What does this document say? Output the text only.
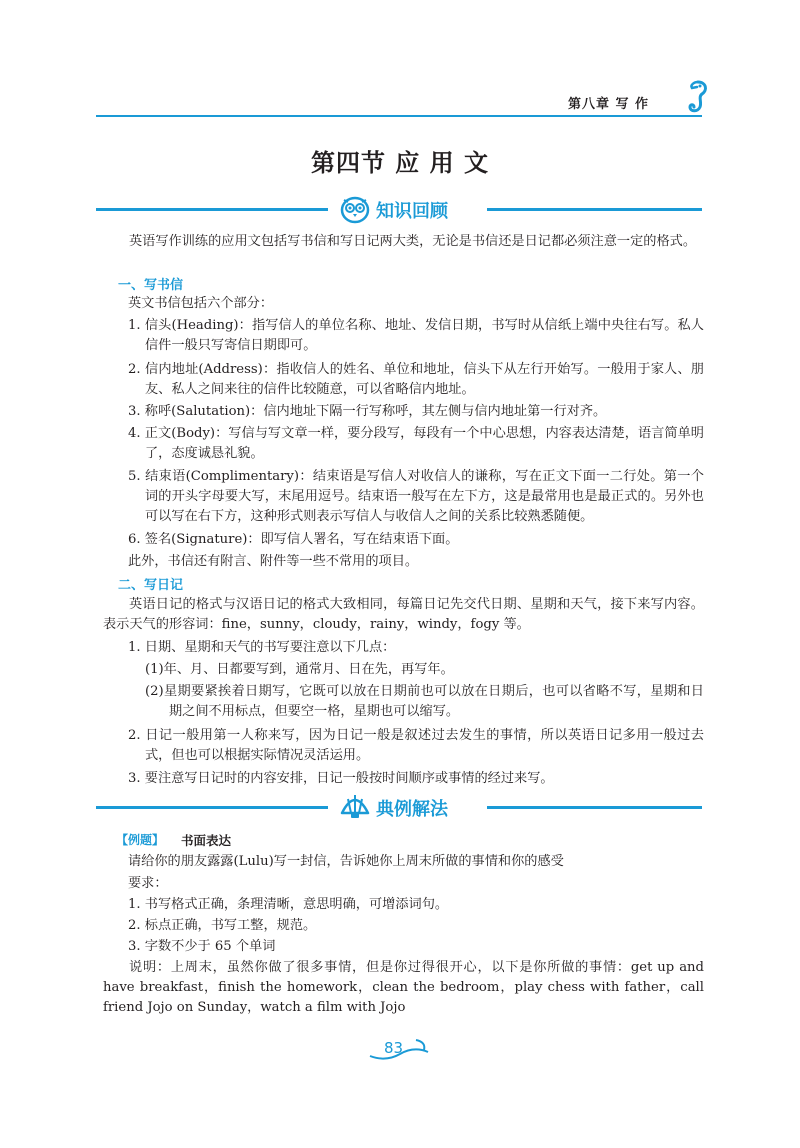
第八章 写 作
第四节 应 用 文
知识回顾
英语写作训练的应用文包括写书信和写日记两大类，无论是书信还是日记都必须注意一定的格式。
一、写书信
英文书信包括六个部分：
1. 信头(Heading)：指写信人的单位名称、地址、发信日期，书写时从信纸上端中央往右写。私人信件一般只写寄信日期即可。
2. 信内地址(Address)：指收信人的姓名、单位和地址，信头下从左行开始写。一般用于家人、朋友、私人之间来往的信件比较随意，可以省略信内地址。
3. 称呼(Salutation)：信内地址下隔一行写称呼，其左侧与信内地址第一行对齐。
4. 正文(Body)：写信与写文章一样，要分段写，每段有一个中心思想，内容表达清楚，语言简单明了，态度诚恳礼貌。
5. 结束语(Complimentary)：结束语是写信人对收信人的谦称，写在正文下面一二行处。第一个词的开头字母要大写，末尾用逗号。结束语一般写在左下方，这是最常用也是最正式的。另外也可以写在右下方，这种形式则表示写信人与收信人之间的关系比较熟悉随便。
6. 签名(Signature)：即写信人署名，写在结束语下面。
此外，书信还有附言、附件等一些不常用的项目。
二、写日记
英语日记的格式与汉语日记的格式大致相同，每篇日记先交代日期、星期和天气，接下来写内容。表示天气的形容词：fine，sunny，cloudy，rainy，windy，fogy 等。
1. 日期、星期和天气的书写要注意以下几点：
(1)年、月、日都要写到，通常月、日在先，再写年。
(2)星期要紧挨着日期写，它既可以放在日期前也可以放在日期后，也可以省略不写，星期和日期之间不用标点，但要空一格，星期也可以缩写。
2. 日记一般用第一人称来写，因为日记一般是叙述过去发生的事情，所以英语日记多用一般过去式，但也可以根据实际情况灵活运用。
3. 要注意写日记时的内容安排，日记一般按时间顺序或事情的经过来写。
典例解法
【例题】 书面表达
请给你的朋友露露(Lulu)写一封信，告诉她你上周末所做的事情和你的感受
要求：
1. 书写格式正确，条理清晰，意思明确，可增添词句。
2. 标点正确，书写工整，规范。
3. 字数不少于 65 个单词
说明：上周末，虽然你做了很多事情，但是你过得很开心，以下是你所做的事情：get up and have breakfast，finish the homework，clean the bedroom，play chess with father，call friend Jojo on Sunday，watch a film with Jojo
83
